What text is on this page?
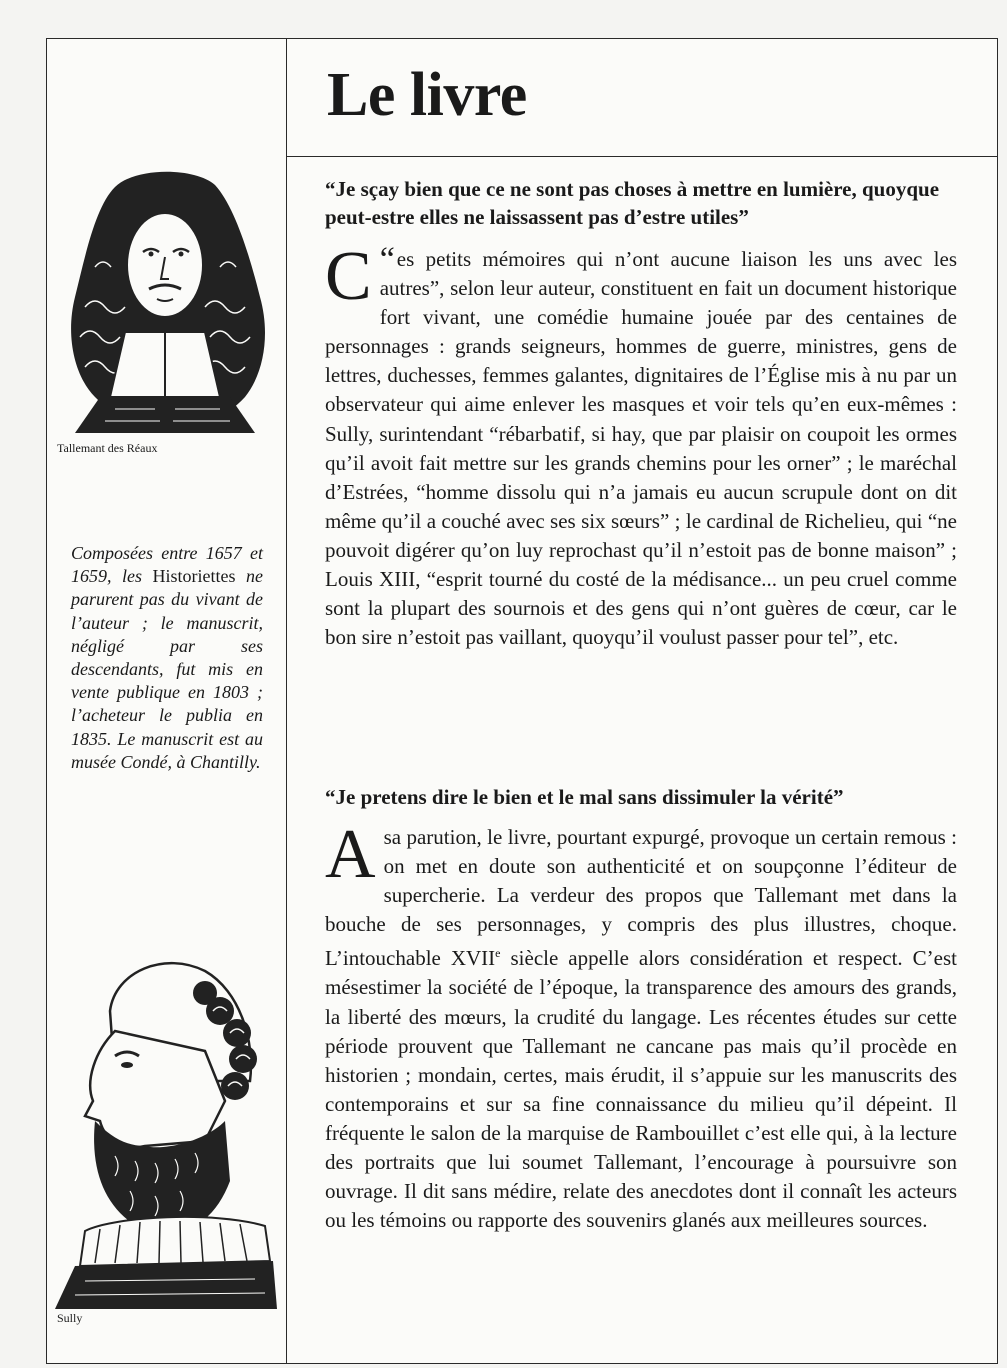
Le livre
Tallemant des Réaux

Composées entre 1657 et 1659, les Historiettes ne parurent pas du vivant de l’auteur ; le manuscrit, négligé par ses descendants, fut mis en vente publique en 1803 ; l’acheteur le publia en 1835. Le manuscrit est au musée Condé, à Chantilly.

Sully
“Je sçay bien que ce ne sont pas choses à mettre en lumière, quoyque peut-estre elles ne laissassent pas d’estre utiles”

“
C es petits mémoires qui n’ont aucune liaison les uns avec les autres”, selon leur auteur, constituent en fait un document historique fort vivant, une comédie humaine jouée par des centaines de personnages : grands seigneurs, hommes de guerre, ministres, gens de lettres, duchesses, femmes galantes, dignitaires de l’Église mis à nu par un observateur qui aime enlever les masques et voir tels qu’en eux-mêmes : Sully, surintendant “rébarbatif, si hay, que par plaisir on coupoit les ormes qu’il avoit fait mettre sur les grands chemins pour les orner” ; le maréchal d’Estrées, “homme dissolu qui n’a jamais eu aucun scrupule dont on dit même qu’il a couché avec ses six sœurs” ; le cardinal de Richelieu, qui “ne pouvoit digérer qu’on luy reprochast qu’il n’estoit pas de bonne maison” ; Louis XIII, “esprit tourné du costé de la médisance... un peu cruel comme sont la plupart des sournois et des gens qui n’ont guères de cœur, car le bon sire n’estoit pas vaillant, quoyqu’il voulust passer pour tel”, etc.

“Je pretens dire le bien et le mal sans dissimuler la vérité”

A sa parution, le livre, pourtant expurgé, provoque un certain remous : on met en doute son authenticité et on soupçonne l’éditeur de supercherie. La verdeur des propos que Tallemant met dans la bouche de ses personnages, y compris des plus illustres, choque. L’intouchable XVIIe siècle appelle alors considération et respect. C’est mésestimer la société de l’époque, la transparence des amours des grands, la liberté des mœurs, la crudité du langage. Les récentes études sur cette période prouvent que Tallemant ne cancane pas mais qu’il procède en historien ; mondain, certes, mais érudit, il s’appuie sur les manuscrits des contemporains et sur sa fine connaissance du milieu qu’il dépeint. Il fréquente le salon de la marquise de Rambouillet c’est elle qui, à la lecture des portraits que lui soumet Tallemant, l’encourage à poursuivre son ouvrage. Il dit sans médire, relate des anecdotes dont il connaît les acteurs ou les témoins ou rapporte des souvenirs glanés aux meilleures sources.
